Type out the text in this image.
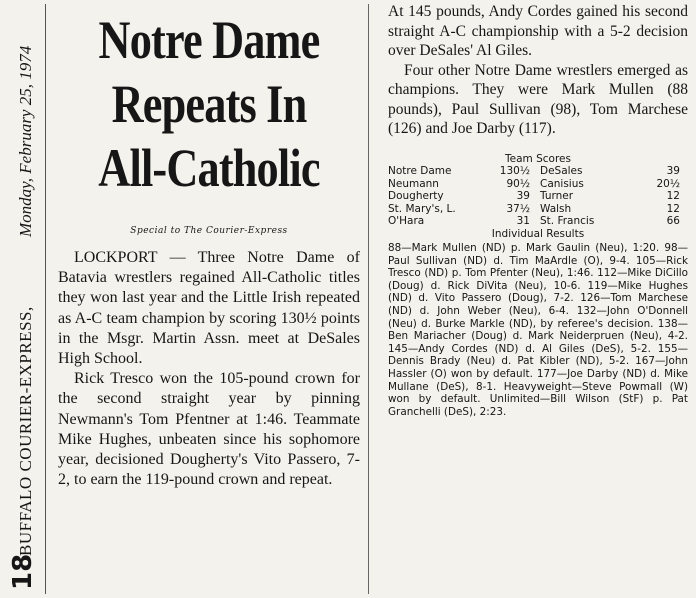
18
BUFFALO COURIER-EXPRESS,
Monday, February 25, 1974
Notre Dame
Repeats In
All-Catholic
Special to The Courier-Express

LOCKPORT — Three Notre Dame of Batavia wrestlers regained All-Catholic titles they won last year and the Little Irish repeated as A-C team champion by scoring 130½ points in the Msgr. Martin Assn. meet at DeSales High School.

Rick Tresco won the 105-pound crown for the second straight year by pinning Newmann's Tom Pfentner at 1:46. Teammate Mike Hughes, unbeaten since his sophomore year, decisioned Dougherty's Vito Passero, 7-2, to earn the 119-pound crown and repeat.

At 145 pounds, Andy Cordes gained his second straight A-C championship with a 5-2 decision over DeSales' Al Giles.

Four other Notre Dame wrestlers emerged as champions. They were Mark Mullen (88 pounds), Paul Sullivan (98), Tom Marchese (126) and Joe Darby (117).

Team Scores
Notre Dame	130½ DeSales	39
Neumann	90½ Canisius	20½
Dougherty	39 Turner	12
St. Mary's, L.	37½ Walsh	12
O'Hara	31 St. Francis	66
Individual Results
88—Mark Mullen (ND) p. Mark Gaulin (Neu), 1:20. 98—Paul Sullivan (ND) d. Tim MaArdle (O), 9-4. 105—Rick Tresco (ND) p. Tom Pfenter (Neu), 1:46. 112—Mike DiCillo (Doug) d. Rick DiVita (Neu), 10-6. 119—Mike Hughes (ND) d. Vito Passero (Doug), 7-2. 126—Tom Marchese (ND) d. John Weber (Neu), 6-4. 132—John O'Donnell (Neu) d. Burke Markle (ND), by referee's decision. 138—Ben Mariacher (Doug) d. Mark Neiderpruen (Neu), 4-2. 145—Andy Cordes (ND) d. Al Giles (DeS), 5-2. 155—Dennis Brady (Neu) d. Pat Kibler (ND), 5-2. 167—John Hassler (O) won by default. 177—Joe Darby (ND) d. Mike Mullane (DeS), 8-1. Heavyweight—Steve Powmall (W) won by default. Unlimited—Bill Wilson (StF) p. Pat Granchelli (DeS), 2:23.
